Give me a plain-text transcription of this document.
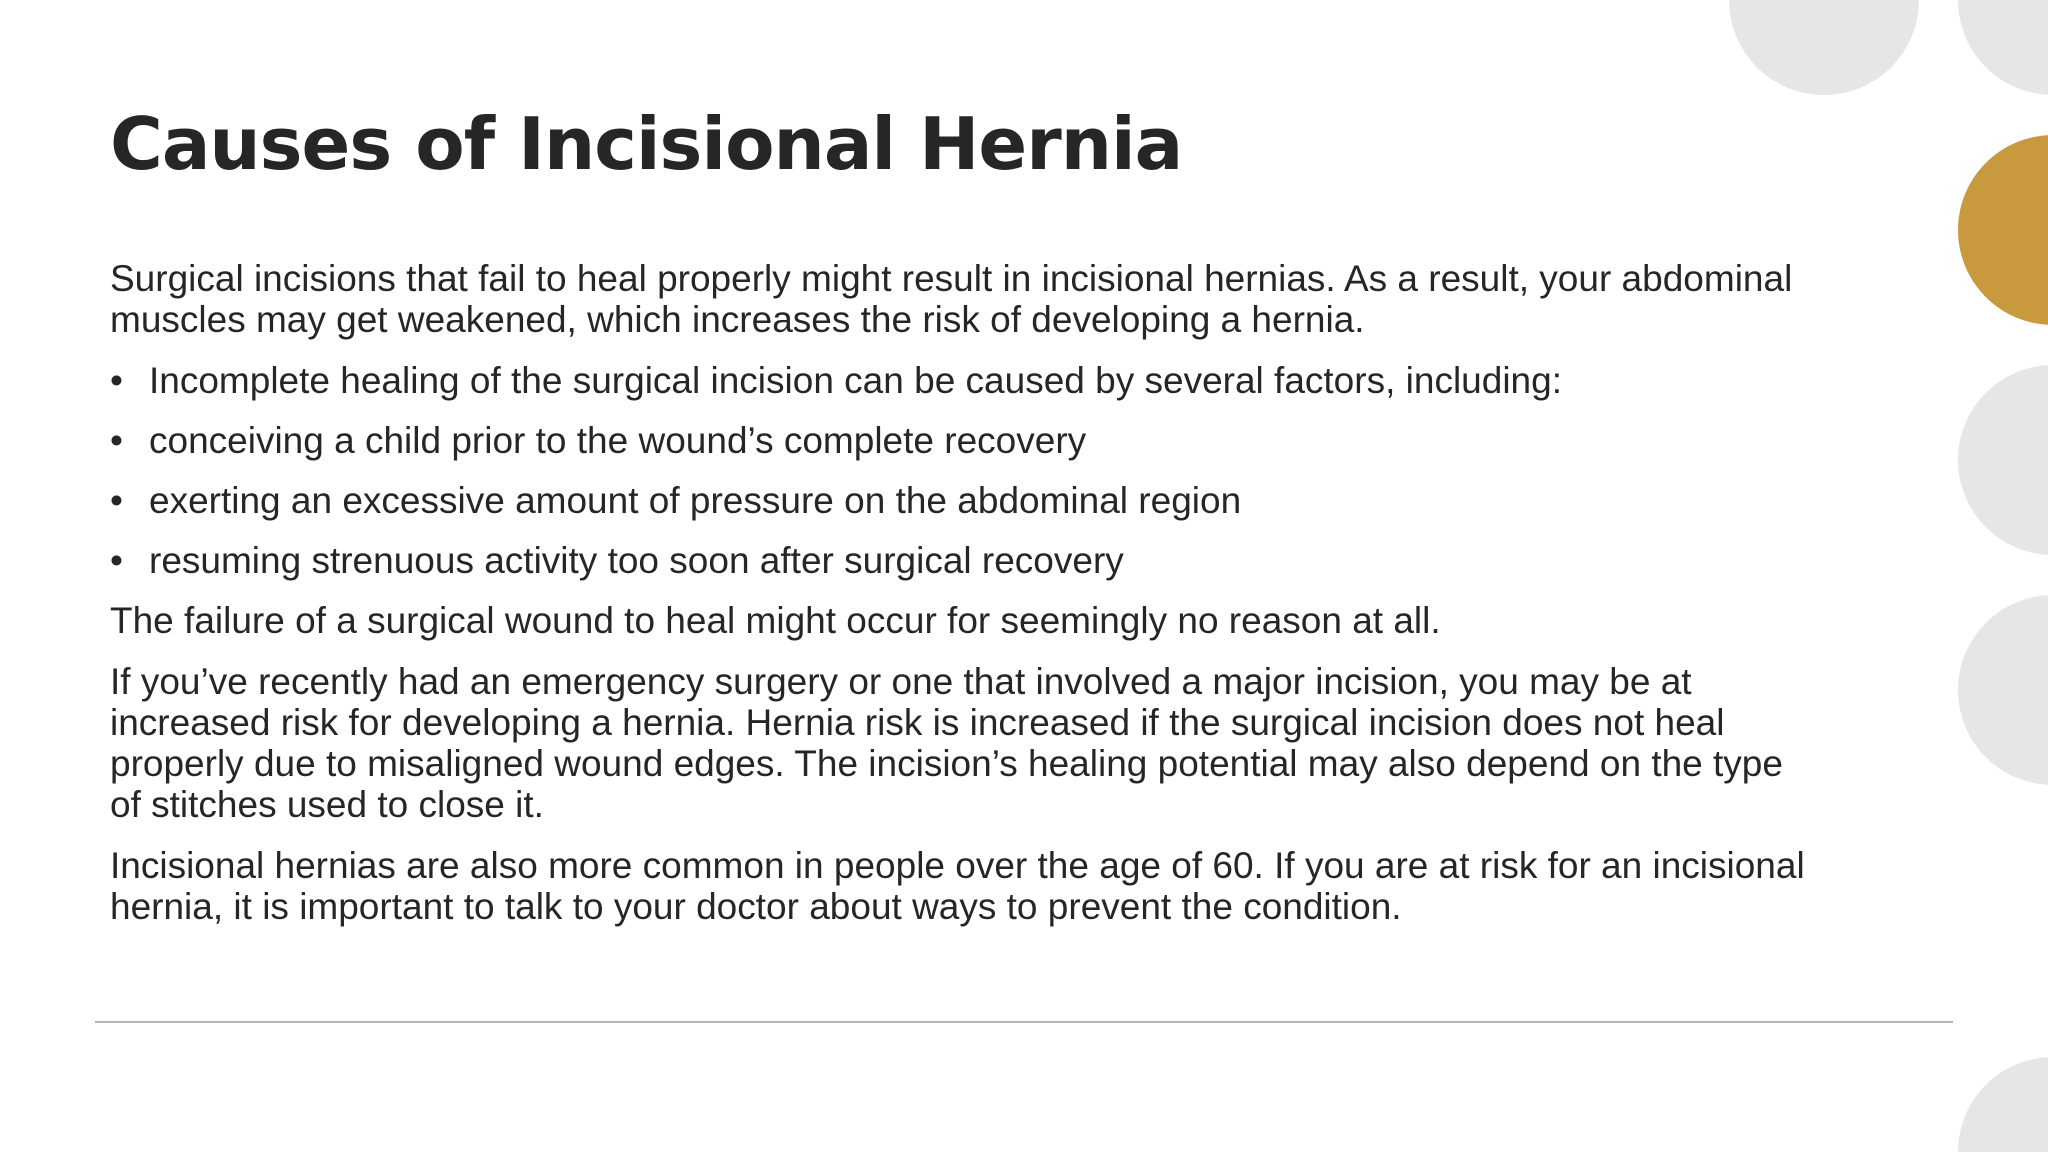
Causes of Incisional Hernia

Surgical incisions that fail to heal properly might result in incisional hernias. As a result, your abdominal muscles may get weakened, which increases the risk of developing a hernia.

• Incomplete healing of the surgical incision can be caused by several factors, including:
• conceiving a child prior to the wound’s complete recovery
• exerting an excessive amount of pressure on the abdominal region
• resuming strenuous activity too soon after surgical recovery

The failure of a surgical wound to heal might occur for seemingly no reason at all.

If you’ve recently had an emergency surgery or one that involved a major incision, you may be at increased risk for developing a hernia. Hernia risk is increased if the surgical incision does not heal properly due to misaligned wound edges. The incision’s healing potential may also depend on the type of stitches used to close it.

Incisional hernias are also more common in people over the age of 60. If you are at risk for an incisional hernia, it is important to talk to your doctor about ways to prevent the condition.
